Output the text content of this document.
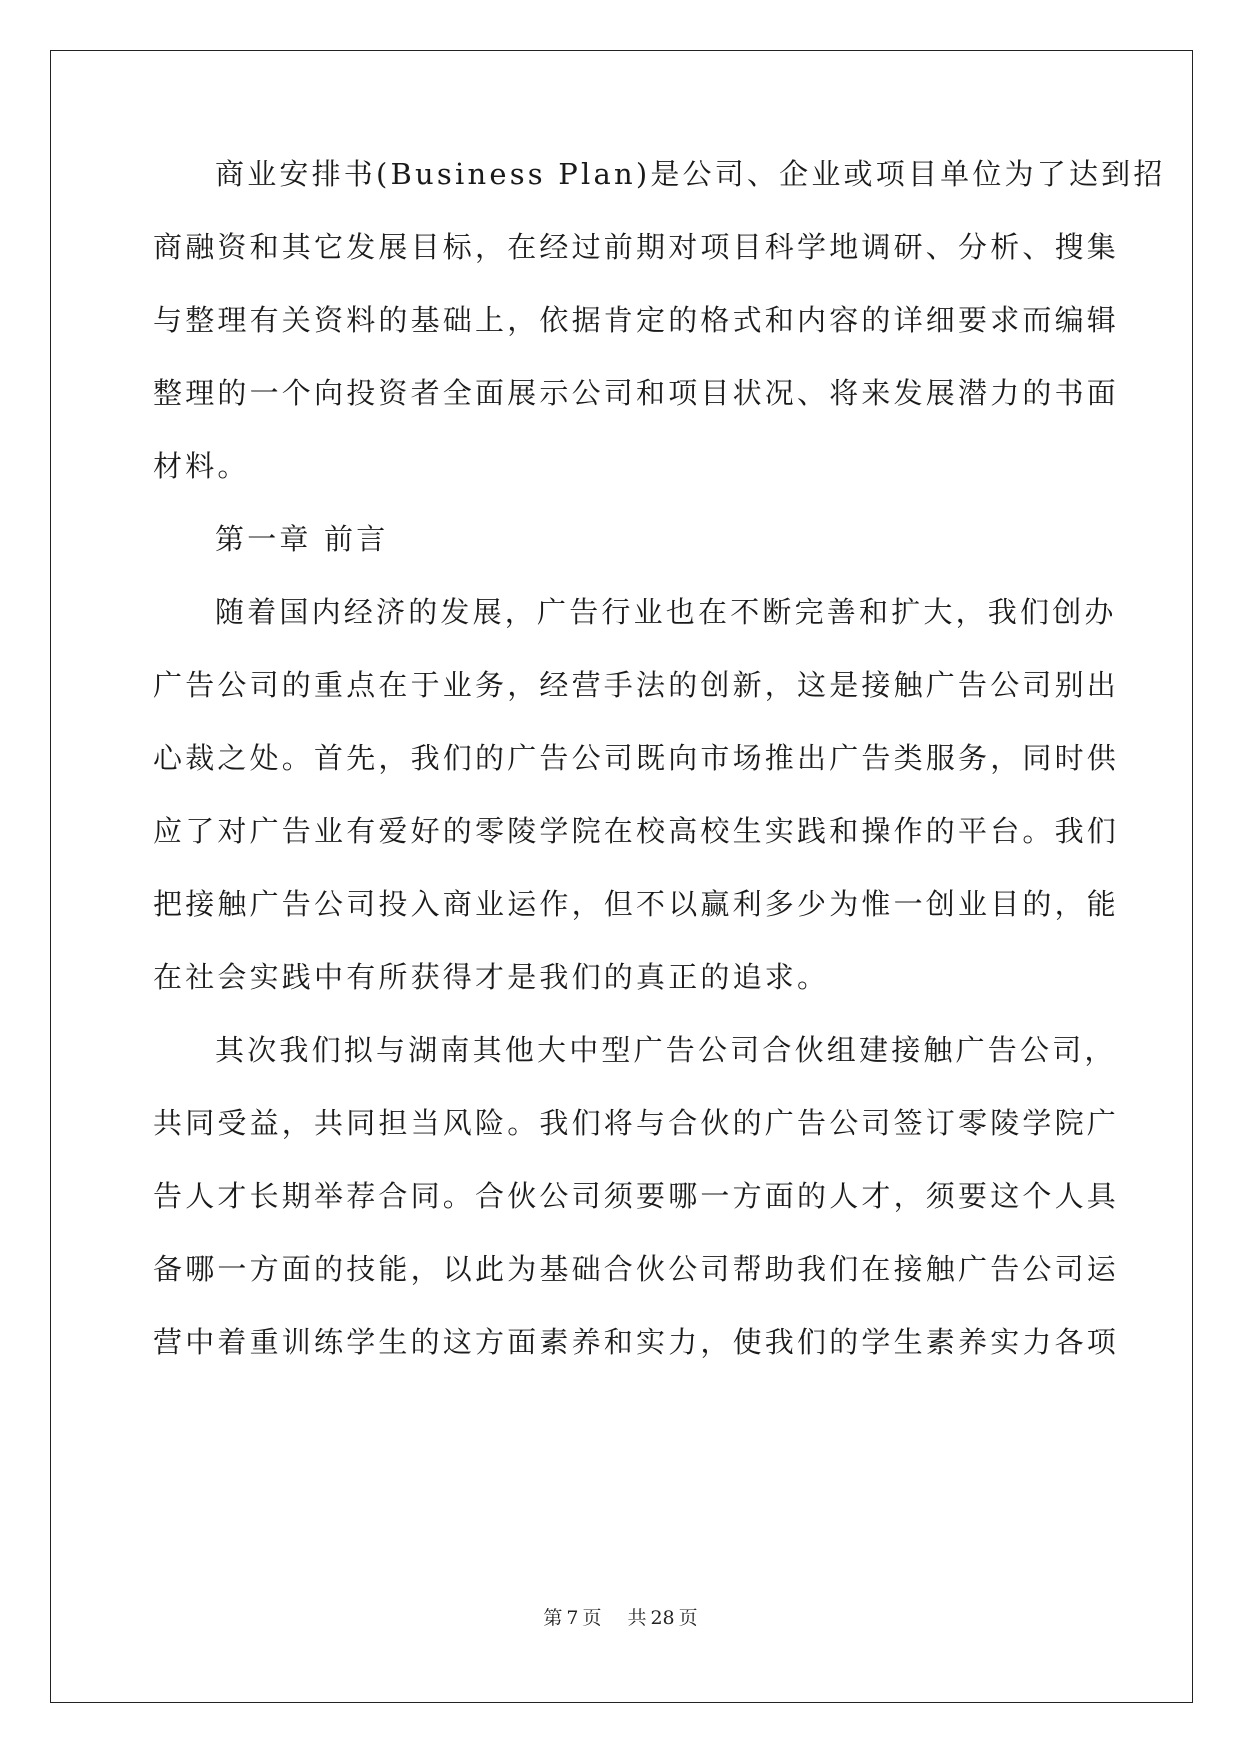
商业安排书(Business Plan)是公司、企业或项目单位为了达到招
商融资和其它发展目标，在经过前期对项目科学地调研、分析、搜集
与整理有关资料的基础上，依据肯定的格式和内容的详细要求而编辑
整理的一个向投资者全面展示公司和项目状况、将来发展潜力的书面
材料。
第一章 前言
随着国内经济的发展，广告行业也在不断完善和扩大，我们创办
广告公司的重点在于业务，经营手法的创新，这是接触广告公司别出
心裁之处。首先，我们的广告公司既向市场推出广告类服务，同时供
应了对广告业有爱好的零陵学院在校高校生实践和操作的平台。我们
把接触广告公司投入商业运作，但不以赢利多少为惟一创业目的，能
在社会实践中有所获得才是我们的真正的追求。
其次我们拟与湖南其他大中型广告公司合伙组建接触广告公司，
共同受益，共同担当风险。我们将与合伙的广告公司签订零陵学院广
告人才长期举荐合同。合伙公司须要哪一方面的人才，须要这个人具
备哪一方面的技能，以此为基础合伙公司帮助我们在接触广告公司运
营中着重训练学生的这方面素养和实力，使我们的学生素养实力各项
第 7 页 共 28 页
